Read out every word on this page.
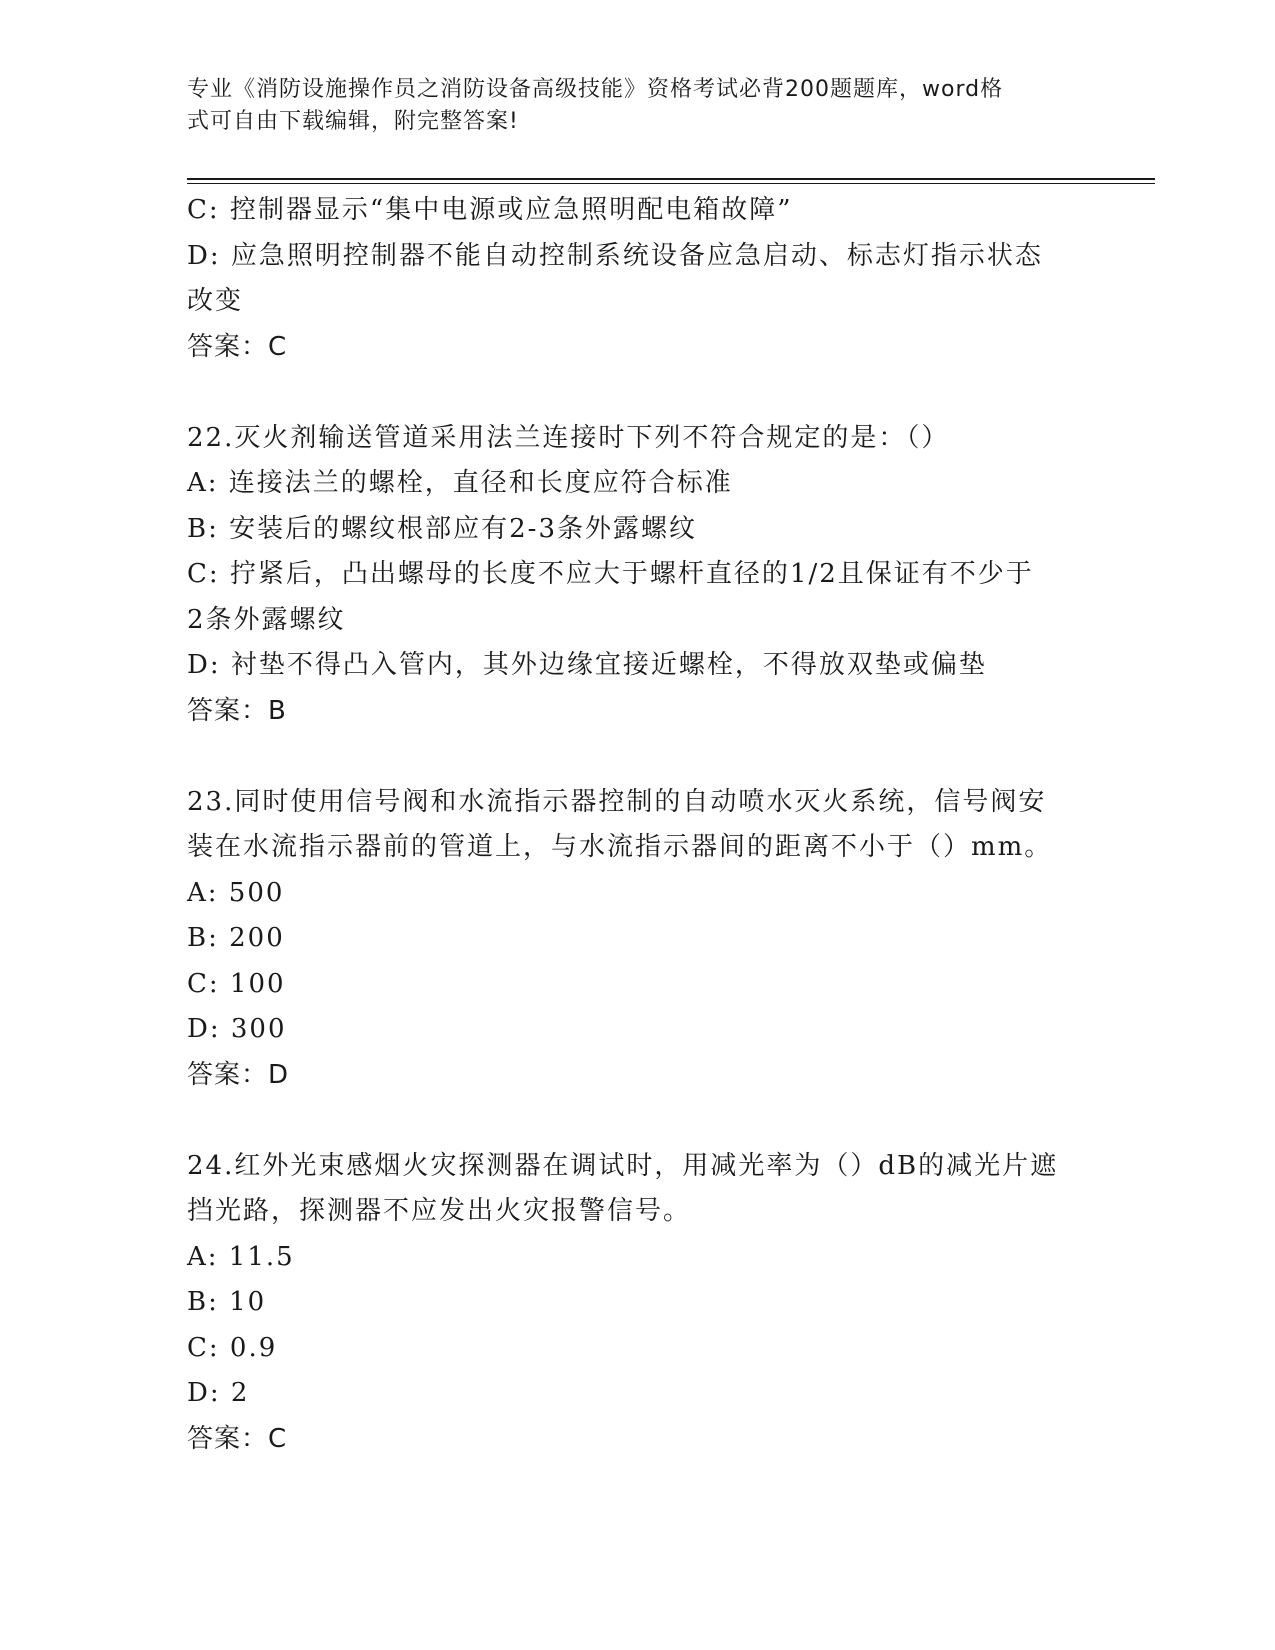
专业《消防设施操作员之消防设备高级技能》资格考试必背200题题库，word格
式可自由下载编辑，附完整答案!
C: 控制器显示“集中电源或应急照明配电箱故障”
D: 应急照明控制器不能自动控制系统设备应急启动、标志灯指示状态
改变
答案：C
22.灭火剂输送管道采用法兰连接时下列不符合规定的是：（）
A: 连接法兰的螺栓，直径和长度应符合标准
B: 安装后的螺纹根部应有2-3条外露螺纹
C: 拧紧后，凸出螺母的长度不应大于螺杆直径的1/2且保证有不少于
2条外露螺纹
D: 衬垫不得凸入管内，其外边缘宜接近螺栓，不得放双垫或偏垫
答案：B
23.同时使用信号阀和水流指示器控制的自动喷水灭火系统，信号阀安
装在水流指示器前的管道上，与水流指示器间的距离不小于（）mm。
A: 500
B: 200
C: 100
D: 300
答案：D
24.红外光束感烟火灾探测器在调试时，用减光率为（）dB的减光片遮
挡光路，探测器不应发出火灾报警信号。
A: 11.5
B: 10
C: 0.9
D: 2
答案：C
